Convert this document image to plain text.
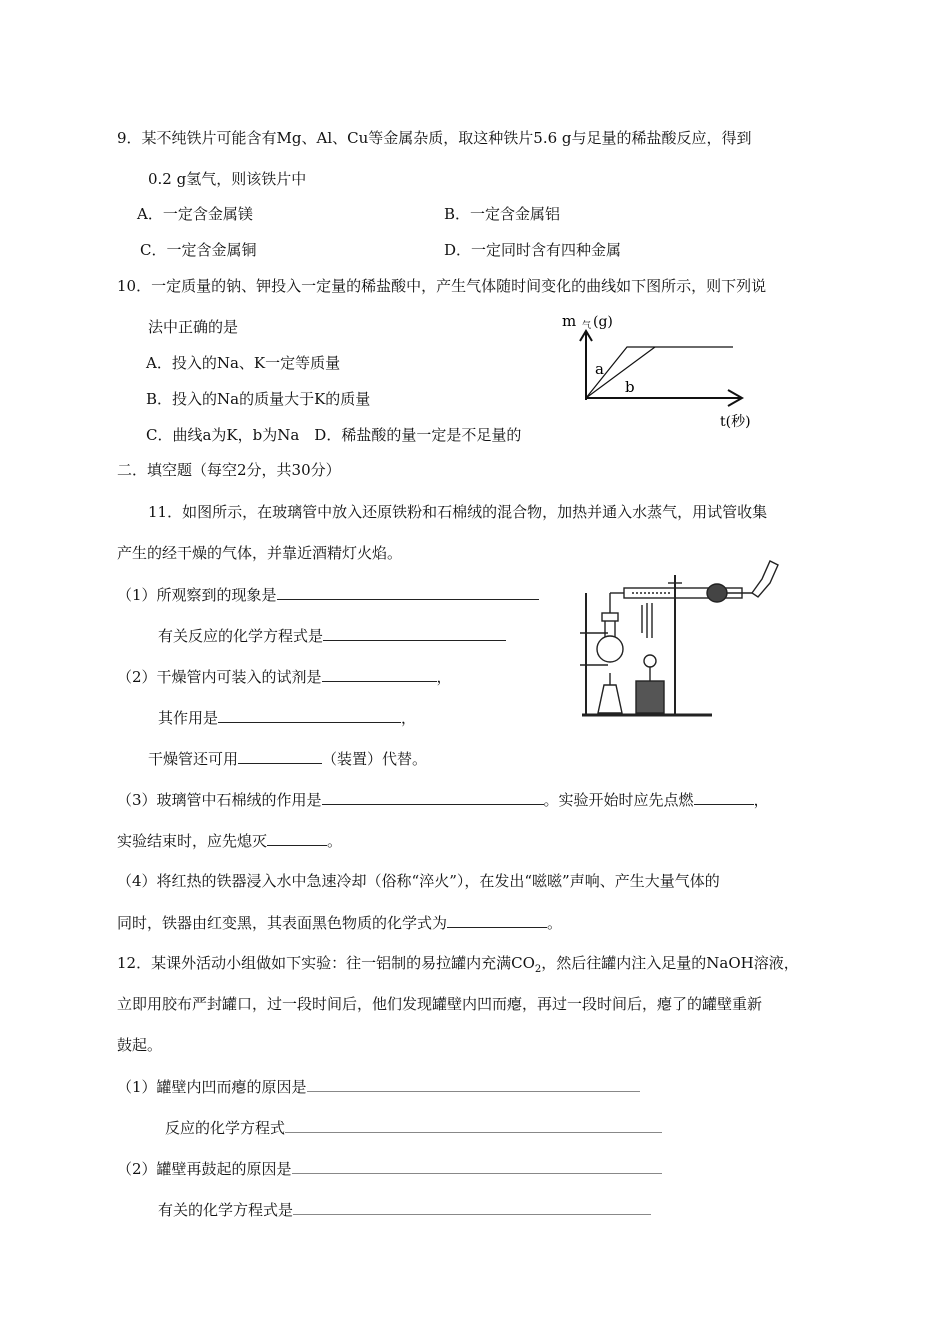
9．某不纯铁片可能含有Mg、Al、Cu等金属杂质，取这种铁片5.6 g与足量的稀盐酸反应，得到
0.2 g氢气，则该铁片中
A．一定含金属镁	B．一定含金属铝
C．一定含金属铜	D．一定同时含有四种金属
10．一定质量的钠、钾投入一定量的稀盐酸中，产生气体随时间变化的曲线如下图所示，则下列说
法中正确的是
A．投入的Na、K一定等质量
B．投入的Na的质量大于K的质量
C．曲线a为K，b为Na　D．稀盐酸的量一定是不足量的
m 气 (g)
a
b
t(秒)
二．填空题（每空2分，共30分）
11．如图所示，在玻璃管中放入还原铁粉和石棉绒的混合物，加热并通入水蒸气，用试管收集
产生的经干燥的气体，并靠近酒精灯火焰。
（1）所观察到的现象是
有关反应的化学方程式是
（2）干燥管内可装入的试剂是	，
其作用是	，
干燥管还可用	（装置）代替。
（3）玻璃管中石棉绒的作用是	。实验开始时应先点燃	，
实验结束时，应先熄灭	。
（4）将红热的铁器浸入水中急速冷却（俗称“淬火”），在发出“嗞嗞”声响、产生大量气体的
同时，铁器由红变黑，其表面黑色物质的化学式为	。
12．某课外活动小组做如下实验：往一铝制的易拉罐内充满$CO_2$，然后往罐内注入足量的NaOH溶液，
立即用胶布严封罐口，过一段时间后，他们发现罐壁内凹而瘪，再过一段时间后，瘪了的罐壁重新
鼓起。
（1）罐壁内凹而瘪的原因是
反应的化学方程式
（2）罐壁再鼓起的原因是
有关的化学方程式是
